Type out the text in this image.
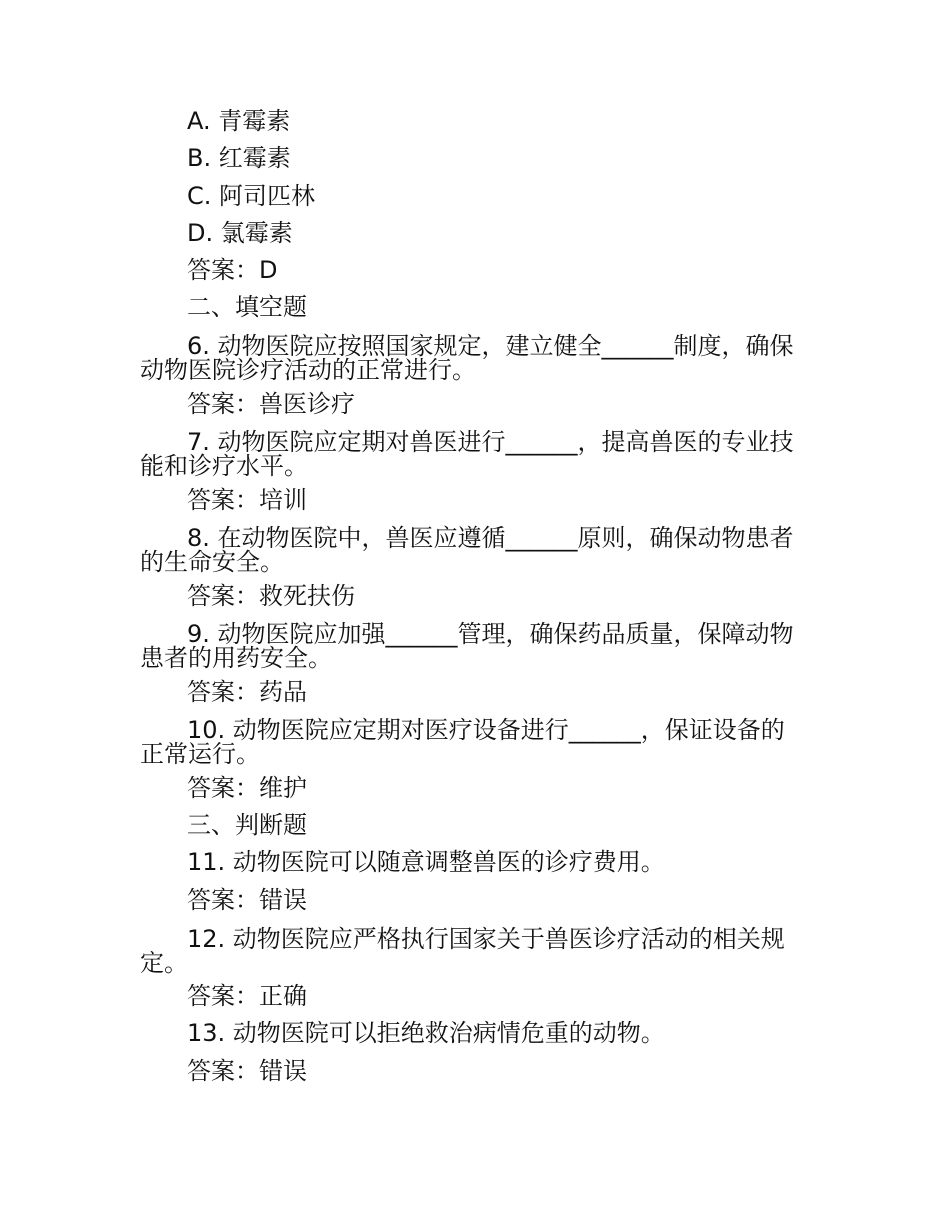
A. 青霉素
B. 红霉素
C. 阿司匹林
D. 氯霉素
答案：D
二、填空题
6. 动物医院应按照国家规定，建立健全______制度，确保动物医院诊疗活动的正常进行。
答案：兽医诊疗
7. 动物医院应定期对兽医进行______，提高兽医的专业技能和诊疗水平。
答案：培训
8. 在动物医院中，兽医应遵循______原则，确保动物患者的生命安全。
答案：救死扶伤
9. 动物医院应加强______管理，确保药品质量，保障动物患者的用药安全。
答案：药品
10. 动物医院应定期对医疗设备进行______，保证设备的正常运行。
答案：维护
三、判断题
11. 动物医院可以随意调整兽医的诊疗费用。
答案：错误
12. 动物医院应严格执行国家关于兽医诊疗活动的相关规定。
答案：正确
13. 动物医院可以拒绝救治病情危重的动物。
答案：错误
